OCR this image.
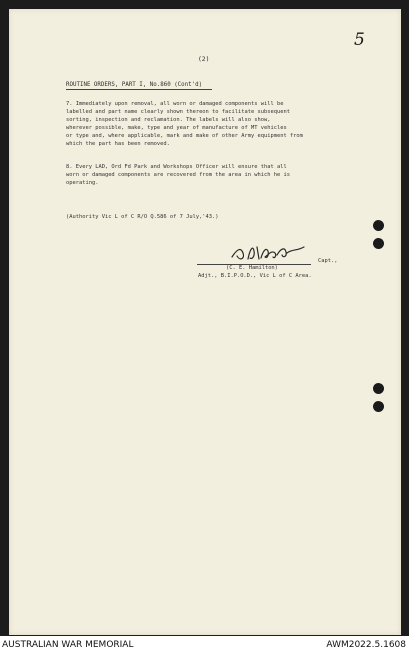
(2)
5
ROUTINE ORDERS, PART I, No.860 (Cont'd)

7. Immediately upon removal, all worn or damaged components will be
labelled and part name clearly shown thereon to facilitate subsequent
sorting, inspection and reclamation. The labels will also show,
wherever possible, make, type and year of manufacture of MT vehicles
or type and, where applicable, mark and make of other Army equipment from
which the part has been removed.

8. Every LAD, Ord Fd Park and Workshops Officer will ensure that all
worn or damaged components are recovered from the area in which he is
operating.

(Authority Vic L of C R/O Q.586 of 7 July,'43.)
Capt.,
(C. E. Hamilton)
Adjt., B.I.P.O.D., Vic L of C Area.
AUSTRALIAN WAR MEMORIAL	AWM2022.5.1608
